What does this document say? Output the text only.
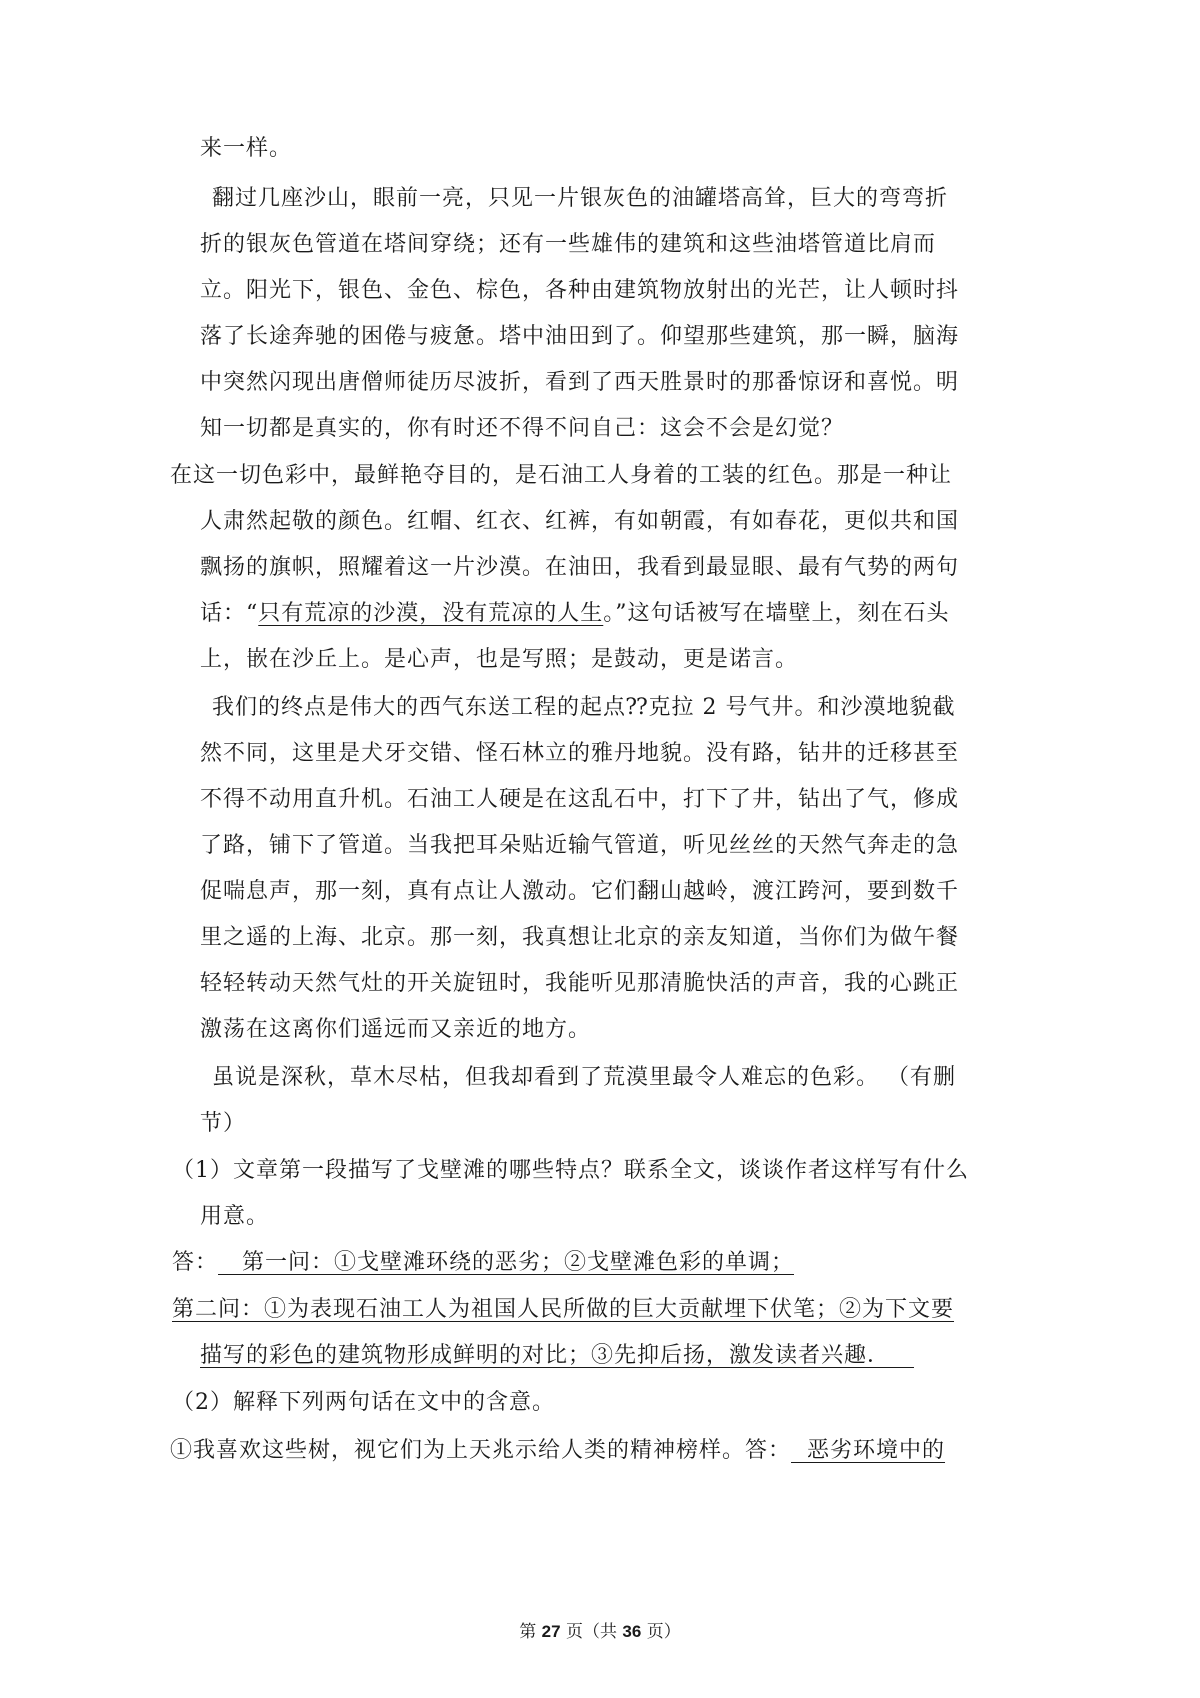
来一样。
翻过几座沙山，眼前一亮，只见一片银灰色的油罐塔高耸，巨大的弯弯折
折的银灰色管道在塔间穿绕；还有一些雄伟的建筑和这些油塔管道比肩而
立。阳光下，银色、金色、棕色，各种由建筑物放射出的光芒，让人顿时抖
落了长途奔驰的困倦与疲惫。塔中油田到了。仰望那些建筑，那一瞬，脑海
中突然闪现出唐僧师徒历尽波折，看到了西天胜景时的那番惊讶和喜悦。明
知一切都是真实的，你有时还不得不问自己：这会不会是幻觉？
在这一切色彩中，最鲜艳夺目的，是石油工人身着的工装的红色。那是一种让
人肃然起敬的颜色。红帽、红衣、红裤，有如朝霞，有如春花，更似共和国
飘扬的旗帜，照耀着这一片沙漠。在油田，我看到最显眼、最有气势的两句
话：“只有荒凉的沙漠，没有荒凉的人生。”这句话被写在墙壁上，刻在石头
上，嵌在沙丘上。是心声，也是写照；是鼓动，更是诺言。
我们的终点是伟大的西气东送工程的起点⁇克拉 2 号气井。和沙漠地貌截
然不同，这里是犬牙交错、怪石林立的雅丹地貌。没有路，钻井的迁移甚至
不得不动用直升机。石油工人硬是在这乱石中，打下了井，钻出了气，修成
了路，铺下了管道。当我把耳朵贴近输气管道，听见丝丝的天然气奔走的急
促喘息声，那一刻，真有点让人激动。它们翻山越岭，渡江跨河，要到数千
里之遥的上海、北京。那一刻，我真想让北京的亲友知道，当你们为做午餐
轻轻转动天然气灶的开关旋钮时，我能听见那清脆快活的声音，我的心跳正
激荡在这离你们遥远而又亲近的地方。
虽说是深秋，草木尽枯，但我却看到了荒漠里最令人难忘的色彩。 （有删
节）
（1）文章第一段描写了戈壁滩的哪些特点？联系全文，谈谈作者这样写有什么
用意。
答：   第一问：①戈壁滩环绕的恶劣；②戈壁滩色彩的单调；
第二问：①为表现石油工人为祖国人民所做的巨大贡献埋下伏笔；②为下文要
描写的彩色的建筑物形成鲜明的对比；③先抑后扬，激发读者兴趣．
（2）解释下列两句话在文中的含意。
①我喜欢这些树，视它们为上天兆示给人类的精神榜样。答：  恶劣环境中的
第 27 页（共 36 页）
